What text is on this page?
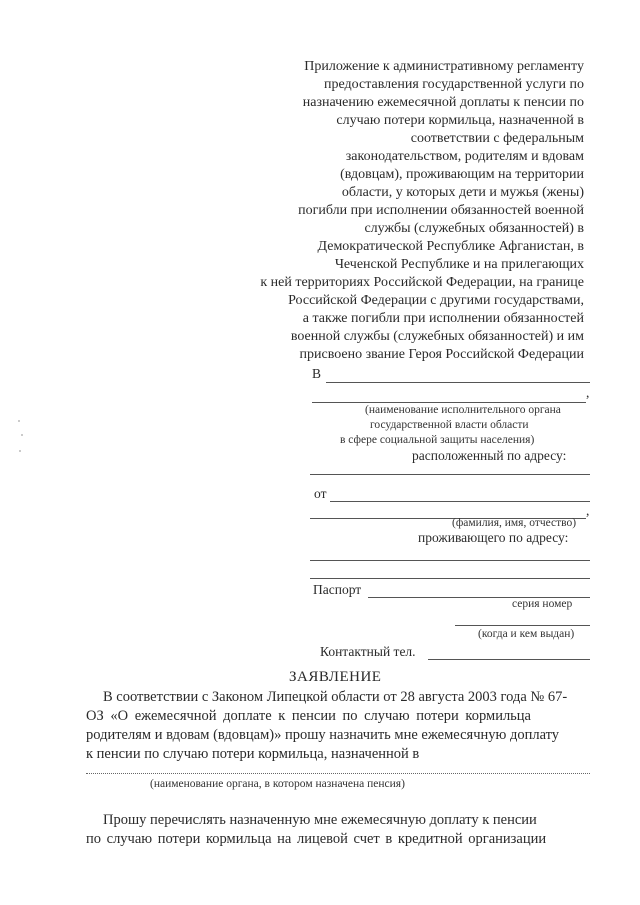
Приложение к административному регламенту
предоставления государственной услуги по
назначению ежемесячной доплаты к пенсии по
случаю потери кормильца, назначенной в
соответствии с федеральным
законодательством, родителям и вдовам
(вдовцам), проживающим на территории
области, у которых дети и мужья (жены)
погибли при исполнении обязанностей военной
службы (служебных обязанностей) в
Демократической Республике Афганистан, в
Чеченской Республике и на прилегающих
к ней территориях Российской Федерации, на границе
Российской Федерации с другими государствами,
а также погибли при исполнении обязанностей
военной службы (служебных обязанностей) и им
присвоено звание Героя Российской Федерации
В
,
(наименование исполнительного органа
государственной власти области
в сфере социальной защиты населения)
расположенный по адресу:
от
,
(фамилия, имя, отчество)
проживающего по адресу:
Паспорт
серия номер
(когда и кем выдан)
Контактный тел.
ЗАЯВЛЕНИЕ
В соответствии с Законом Липецкой области от 28 августа 2003 года № 67-
ОЗ «О ежемесячной доплате к пенсии по случаю потери кормильца
родителям и вдовам (вдовцам)» прошу назначить мне ежемесячную доплату
к пенсии по случаю потери кормильца, назначенной в
(наименование органа, в котором назначена пенсия)
Прошу перечислять назначенную мне ежемесячную доплату к пенсии
по случаю потери кормильца на лицевой счет в кредитной организации
